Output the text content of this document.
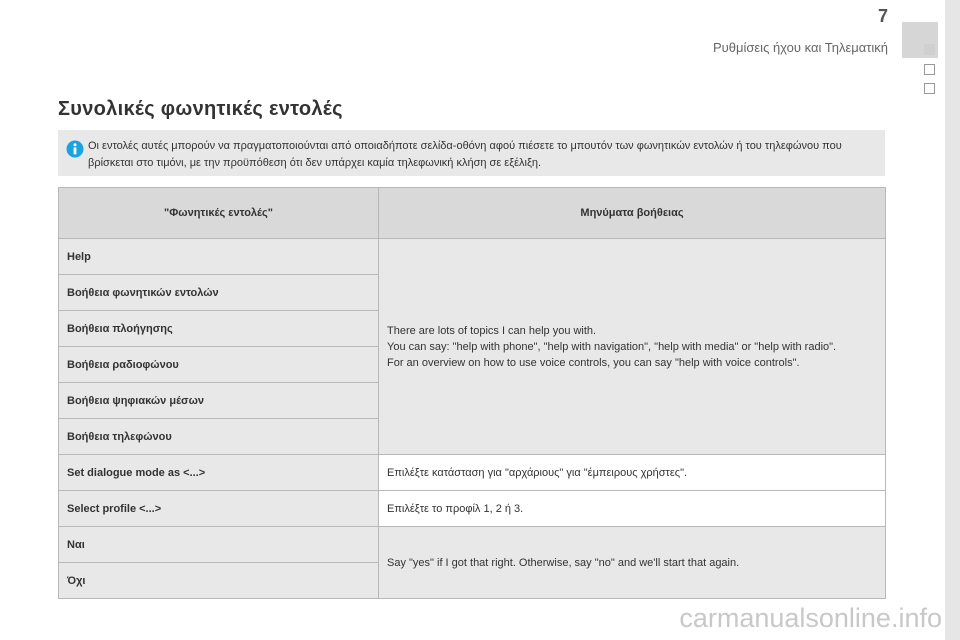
7
Ρυθμίσεις ήχου και Τηλεματική
Συνολικές φωνητικές εντολές
Οι εντολές αυτές μπορούν να πραγματοποιούνται από οποιαδήποτε σελίδα-οθόνη αφού πιέσετε το μπουτόν των φωνητικών εντολών ή του τηλεφώνου που βρίσκεται στο τιμόνι, με την προϋπόθεση ότι δεν υπάρχει καμία τηλεφωνική κλήση σε εξέλιξη.
"Φωνητικές εντολές"	Μηνύματα βοήθειας
Help	There are lots of topics I can help you with.
You can say: "help with phone", "help with navigation", "help with media" or "help with radio".
For an overview on how to use voice controls, you can say "help with voice controls".

Βοήθεια φωνητικών εντολών	
Βοήθεια πλοήγησης	
Βοήθεια ραδιοφώνου	
Βοήθεια ψηφιακών μέσων	
Βοήθεια τηλεφώνου	
Set dialogue mode as <...>	Επιλέξτε κατάσταση για "αρχάριους" για "έμπειρους χρήστες".
Select profile <...>	Επιλέξτε το προφίλ 1, 2 ή 3.
Ναι	Say "yes" if I got that right. Otherwise, say "no" and we'll start that again.
Όχι	
carmanualsonline.info
